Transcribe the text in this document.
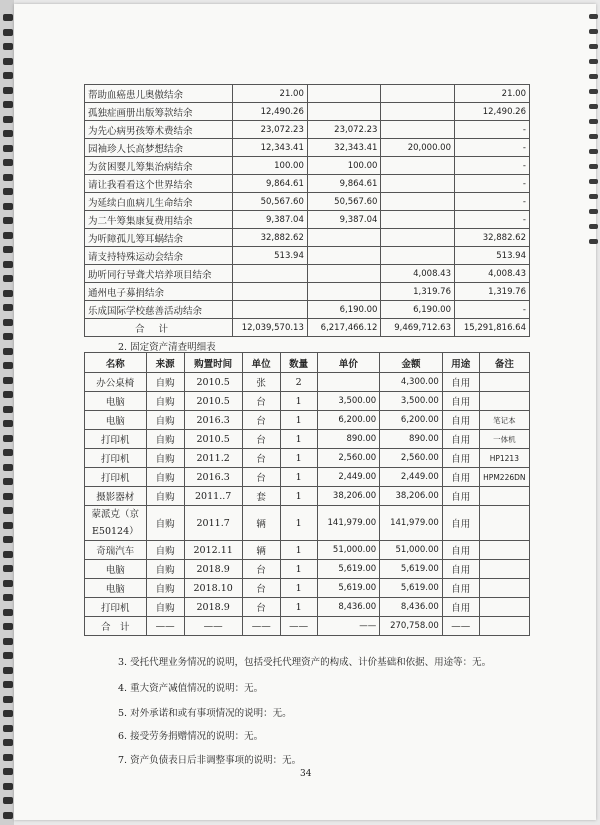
帮助血癌患儿奥傲结余	21.00			21.00
孤独症画册出版筹款结余	12,490.26			12,490.26
为先心病男孩筹术费结余	23,072.23	23,072.23		-
园袖珍人长高梦想结余	12,343.41	32,343.41	20,000.00	-
为贫困婴儿筹集治病结余	100.00	100.00		-
请让我看看这个世界结余	9,864.61	9,864.61		-
为延续白血病儿生命结余	50,567.60	50,567.60		-
为二牛筹集康复费用结余	9,387.04	9,387.04		-
为听障孤儿筹耳蜗结余	32,882.62			32,882.62
请支持特殊运动会结余	513.94			513.94
助听同行导聋犬培养项目结余			4,008.43	4,008.43
通州电子募捐结余			1,319.76	1,319.76
乐成国际学校慈善活动结余		6,190.00	6,190.00	-
合计	12,039,570.13	6,217,466.12	9,469,712.63	15,291,816.64
2. 固定资产清查明细表
名称	来源	购置时间	单位	数量	单价	金额	用途	备注
办公桌椅	自购	2010.5	张	2		4,300.00	自用	
电脑	自购	2010.5	台	1	3,500.00	3,500.00	自用	
电脑	自购	2016.3	台	1	6,200.00	6,200.00	自用	笔记本
打印机	自购	2010.5	台	1	890.00	890.00	自用	一体机
打印机	自购	2011.2	台	1	2,560.00	2,560.00	自用	HP1213
打印机	自购	2016.3	台	1	2,449.00	2,449.00	自用	HPM226DN
摄影器材	自购	2011..7	套	1	38,206.00	38,206.00	自用	
蒙派克（京E50124）	自购	2011.7	辆	1	141,979.00	141,979.00	自用	
奇瑞汽车	自购	2012.11	辆	1	51,000.00	51,000.00	自用	
电脑	自购	2018.9	台	1	5,619.00	5,619.00	自用	
电脑	自购	2018.10	台	1	5,619.00	5,619.00	自用	
打印机	自购	2018.9	台	1	8,436.00	8,436.00	自用	
合　计	——	——	——	——	——	270,758.00	——	
3. 受托代理业务情况的说明，包括受托代理资产的构成、计价基础和依据、用途等：无。
4. 重大资产减值情况的说明：无。
5. 对外承诺和或有事项情况的说明：无。
6. 接受劳务捐赠情况的说明：无。
7. 资产负债表日后非调整事项的说明：无。
34
